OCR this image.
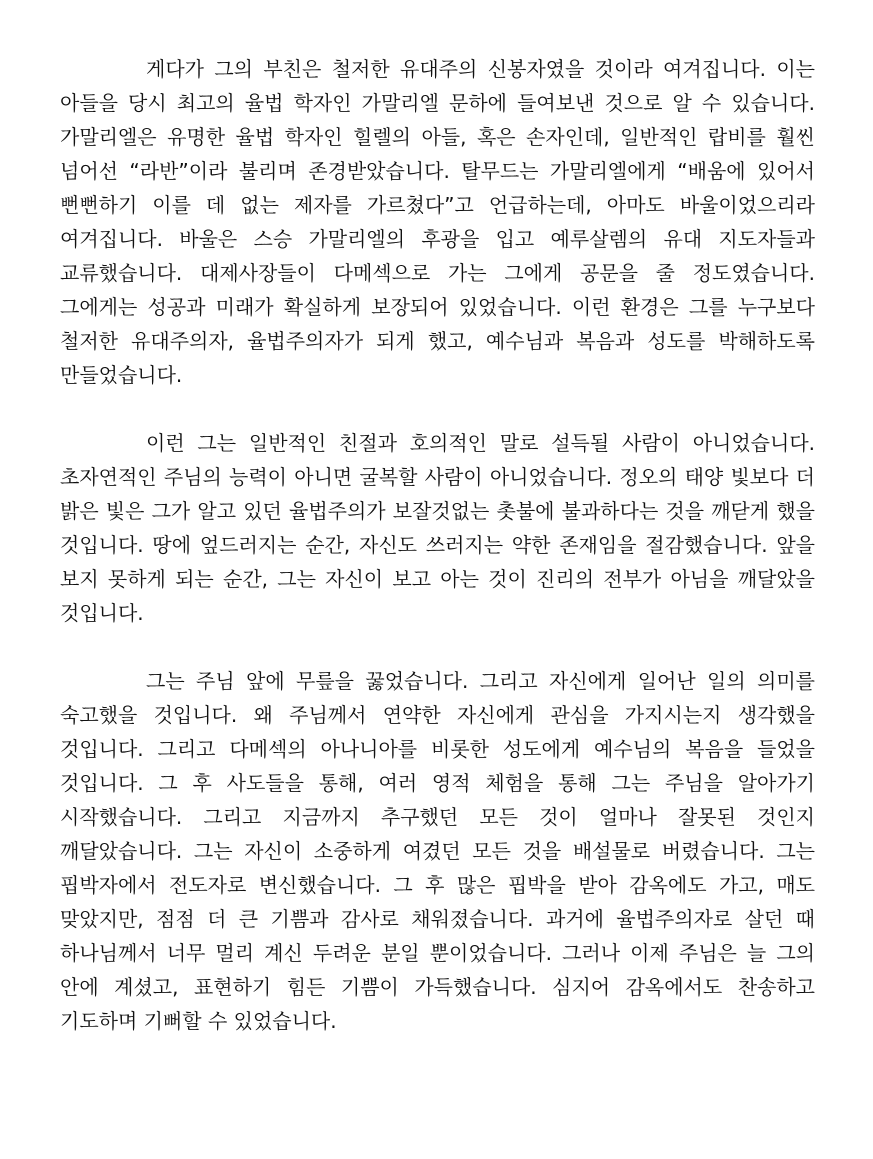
게다가 그의 부친은 철저한 유대주의 신봉자였을 것이라 여겨집니다. 이는 아들을 당시 최고의 율법 학자인 가말리엘 문하에 들여보낸 것으로 알 수 있습니다. 가말리엘은 유명한 율법 학자인 힐렐의 아들, 혹은 손자인데, 일반적인 랍비를 훨씬 넘어선 “라반”이라 불리며 존경받았습니다. 탈무드는 가말리엘에게 “배움에 있어서 뻔뻔하기 이를 데 없는 제자를 가르쳤다”고 언급하는데, 아마도 바울이었으리라 여겨집니다. 바울은 스승 가말리엘의 후광을 입고 예루살렘의 유대 지도자들과 교류했습니다. 대제사장들이 다메섹으로 가는 그에게 공문을 줄 정도였습니다. 그에게는 성공과 미래가 확실하게 보장되어 있었습니다. 이런 환경은 그를 누구보다 철저한 유대주의자, 율법주의자가 되게 했고, 예수님과 복음과 성도를 박해하도록 만들었습니다.

이런 그는 일반적인 친절과 호의적인 말로 설득될 사람이 아니었습니다. 초자연적인 주님의 능력이 아니면 굴복할 사람이 아니었습니다. 정오의 태양 빛보다 더 밝은 빛은 그가 알고 있던 율법주의가 보잘것없는 촛불에 불과하다는 것을 깨닫게 했을 것입니다. 땅에 엎드러지는 순간, 자신도 쓰러지는 약한 존재임을 절감했습니다. 앞을 보지 못하게 되는 순간, 그는 자신이 보고 아는 것이 진리의 전부가 아님을 깨달았을 것입니다.

그는 주님 앞에 무릎을 꿇었습니다. 그리고 자신에게 일어난 일의 의미를 숙고했을 것입니다. 왜 주님께서 연약한 자신에게 관심을 가지시는지 생각했을 것입니다. 그리고 다메섹의 아나니아를 비롯한 성도에게 예수님의 복음을 들었을 것입니다. 그 후 사도들을 통해, 여러 영적 체험을 통해 그는 주님을 알아가기 시작했습니다. 그리고 지금까지 추구했던 모든 것이 얼마나 잘못된 것인지 깨달았습니다. 그는 자신이 소중하게 여겼던 모든 것을 배설물로 버렸습니다. 그는 핍박자에서 전도자로 변신했습니다. 그 후 많은 핍박을 받아 감옥에도 가고, 매도 맞았지만, 점점 더 큰 기쁨과 감사로 채워졌습니다. 과거에 율법주의자로 살던 때 하나님께서 너무 멀리 계신 두려운 분일 뿐이었습니다. 그러나 이제 주님은 늘 그의 안에 계셨고, 표현하기 힘든 기쁨이 가득했습니다. 심지어 감옥에서도 찬송하고 기도하며 기뻐할 수 있었습니다.
